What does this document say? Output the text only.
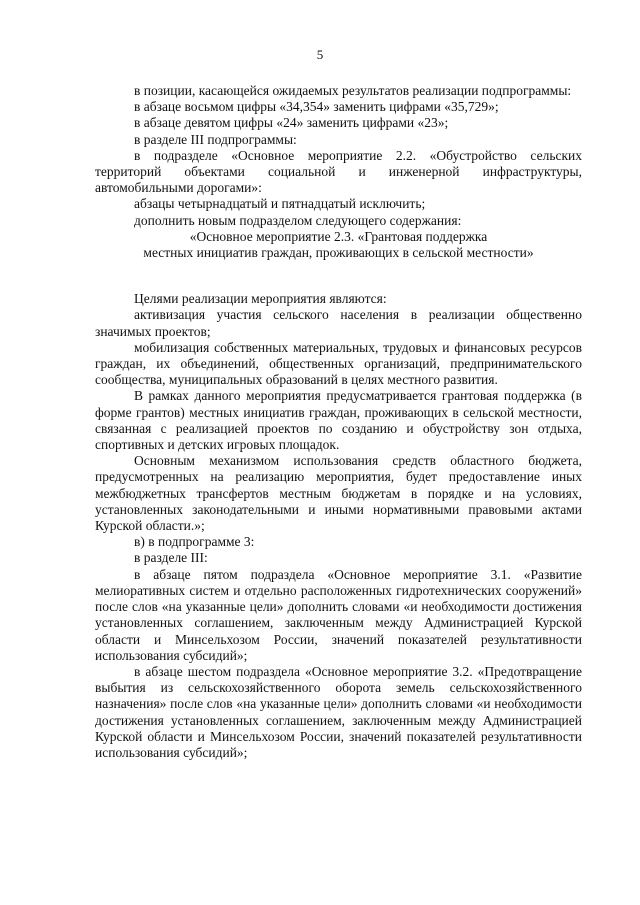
5

в позиции, касающейся ожидаемых результатов реализации подпрограммы:

в абзаце восьмом цифры «34,354» заменить цифрами «35,729»;

в абзаце девятом цифры «24» заменить цифрами «23»;

в разделе III подпрограммы:

в подразделе «Основное мероприятие 2.2. «Обустройство сельских территорий объектами социальной и инженерной инфраструктуры, автомобильными дорогами»:

абзацы четырнадцатый и пятнадцатый исключить;

дополнить новым подразделом следующего содержания:

«Основное мероприятие 2.3. «Грантовая поддержка

местных инициатив граждан, проживающих в сельской местности»

Целями реализации мероприятия являются:

активизация участия сельского населения в реализации общественно значимых проектов;

мобилизация собственных материальных, трудовых и финансовых ресурсов граждан, их объединений, общественных организаций, предпринимательского сообщества, муниципальных образований в целях местного развития.

В рамках данного мероприятия предусматривается грантовая поддержка (в форме грантов) местных инициатив граждан, проживающих в сельской местности, связанная с реализацией проектов по созданию и обустройству зон отдыха, спортивных и детских игровых площадок.

Основным механизмом использования средств областного бюджета, предусмотренных на реализацию мероприятия, будет предоставление иных межбюджетных трансфертов местным бюджетам в порядке и на условиях, установленных законодательными и иными нормативными правовыми актами Курской области.»;

в) в подпрограмме 3:

в разделе III:

в абзаце пятом подраздела «Основное мероприятие 3.1. «Развитие мелиоративных систем и отдельно расположенных гидротехнических сооружений» после слов «на указанные цели» дополнить словами «и необходимости достижения установленных соглашением, заключенным между Администрацией Курской области и Минсельхозом России, значений показателей результативности использования субсидий»;

в абзаце шестом подраздела «Основное мероприятие 3.2. «Предотвращение выбытия из сельскохозяйственного оборота земель сельскохозяйственного назначения» после слов «на указанные цели» дополнить словами «и необходимости достижения установленных соглашением, заключенным между Администрацией Курской области и Минсельхозом России, значений показателей результативности использования субсидий»;
